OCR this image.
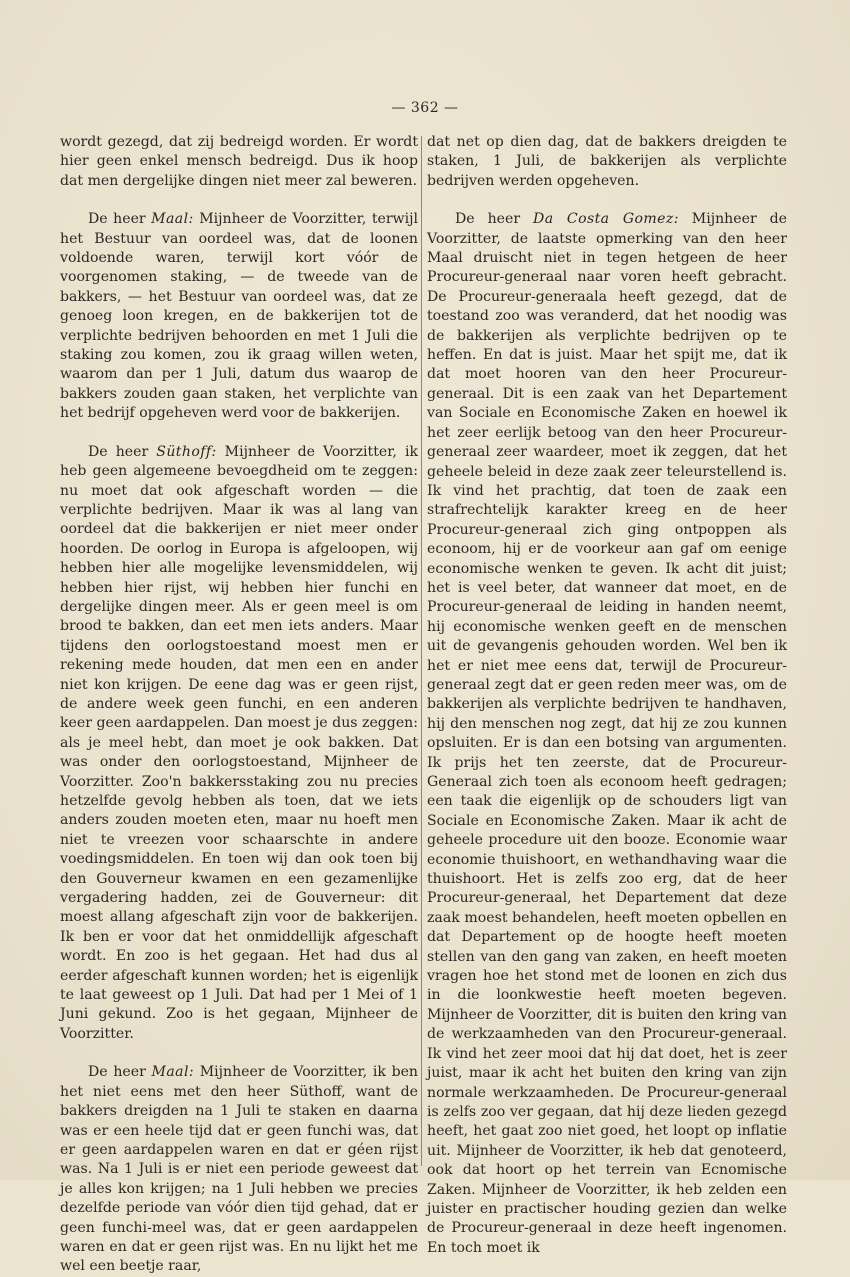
— 362 —

wordt gezegd, dat zij bedreigd worden. Er wordt hier geen enkel mensch bedreigd. Dus ik hoop dat men dergelijke dingen niet meer zal beweren.

De heer Maal: Mijnheer de Voorzitter, terwijl het Bestuur van oordeel was, dat de loonen voldoende waren, terwijl kort vóór de voorgenomen staking, — de tweede van de bakkers, — het Bestuur van oordeel was, dat ze genoeg loon kregen, en de bakkerijen tot de verplichte bedrijven behoorden en met 1 Juli die staking zou komen, zou ik graag willen weten, waarom dan per 1 Juli, datum dus waarop de bakkers zouden gaan staken, het verplichte van het bedrijf opgeheven werd voor de bakkerijen.

De heer Süthoff: Mijnheer de Voorzitter, ik heb geen algemeene bevoegdheid om te zeggen: nu moet dat ook afgeschaft worden — die verplichte bedrijven. Maar ik was al lang van oordeel dat die bakkerijen er niet meer onder hoorden. De oorlog in Europa is afgeloopen, wij hebben hier alle mogelijke levensmiddelen, wij hebben hier rijst, wij hebben hier funchi en dergelijke dingen meer. Als er geen meel is om brood te bakken, dan eet men iets anders. Maar tijdens den oorlogstoestand moest men er rekening mede houden, dat men een en ander niet kon krijgen. De eene dag was er geen rijst, de andere week geen funchi, en een anderen keer geen aardappelen. Dan moest je dus zeggen: als je meel hebt, dan moet je ook bakken. Dat was onder den oorlogstoestand, Mijnheer de Voorzitter. Zoo'n bakkersstaking zou nu precies hetzelfde gevolg hebben als toen, dat we iets anders zouden moeten eten, maar nu hoeft men niet te vreezen voor schaarschte in andere voedingsmiddelen. En toen wij dan ook toen bij den Gouverneur kwamen en een gezamenlijke vergadering hadden, zei de Gouverneur: dit moest allang afgeschaft zijn voor de bakkerijen. Ik ben er voor dat het onmiddellijk afgeschaft wordt. En zoo is het gegaan. Het had dus al eerder afgeschaft kunnen worden; het is eigenlijk te laat geweest op 1 Juli. Dat had per 1 Mei of 1 Juni gekund. Zoo is het gegaan, Mijnheer de Voorzitter.

De heer Maal: Mijnheer de Voorzitter, ik ben het niet eens met den heer Süthoff, want de bakkers dreigden na 1 Juli te staken en daarna was er een heele tijd dat er geen funchi was, dat er geen aardappelen waren en dat er géen rijst was. Na 1 Juli is er niet een periode geweest dat je alles kon krijgen; na 1 Juli hebben we precies dezelfde periode van vóór dien tijd gehad, dat er geen funchi-meel was, dat er geen aardappelen waren en dat er geen rijst was. En nu lijkt het me wel een beetje raar,

dat net op dien dag, dat de bakkers dreigden te staken, 1 Juli, de bakkerijen als verplichte bedrijven werden opgeheven.

De heer Da Costa Gomez: Mijnheer de Voorzitter, de laatste opmerking van den heer Maal druischt niet in tegen hetgeen de heer Procureur-generaal naar voren heeft gebracht. De Procureur-generaala heeft gezegd, dat de toestand zoo was veranderd, dat het noodig was de bakkerijen als verplichte bedrijven op te heffen. En dat is juist. Maar het spijt me, dat ik dat moet hooren van den heer Procureur-generaal. Dit is een zaak van het Departement van Sociale en Economische Zaken en hoewel ik het zeer eerlijk betoog van den heer Procureur-generaal zeer waardeer, moet ik zeggen, dat het geheele beleid in deze zaak zeer teleurstellend is. Ik vind het prachtig, dat toen de zaak een strafrechtelijk karakter kreeg en de heer Procureur-generaal zich ging ontpoppen als econoom, hij er de voorkeur aan gaf om eenige economische wenken te geven. Ik acht dit juist; het is veel beter, dat wanneer dat moet, en de Procureur-generaal de leiding in handen neemt, hij economische wenken geeft en de menschen uit de gevangenis gehouden worden. Wel ben ik het er niet mee eens dat, terwijl de Procureur-generaal zegt dat er geen reden meer was, om de bakkerijen als verplichte bedrijven te handhaven, hij den menschen nog zegt, dat hij ze zou kunnen opsluiten. Er is dan een botsing van argumenten. Ik prijs het ten zeerste, dat de Procureur-Generaal zich toen als econoom heeft gedragen; een taak die eigenlijk op de schouders ligt van Sociale en Economische Zaken. Maar ik acht de geheele procedure uit den booze. Economie waar economie thuishoort, en wethandhaving waar die thuishoort. Het is zelfs zoo erg, dat de heer Procureur-generaal, het Departement dat deze zaak moest behandelen, heeft moeten opbellen en dat Departement op de hoogte heeft moeten stellen van den gang van zaken, en heeft moeten vragen hoe het stond met de loonen en zich dus in die loonkwestie heeft moeten begeven. Mijnheer de Voorzitter, dit is buiten den kring van de werkzaamheden van den Procureur-generaal. Ik vind het zeer mooi dat hij dat doet, het is zeer juist, maar ik acht het buiten den kring van zijn normale werkzaamheden. De Procureur-generaal is zelfs zoo ver gegaan, dat hij deze lieden gezegd heeft, het gaat zoo niet goed, het loopt op inflatie uit. Mijnheer de Voorzitter, ik heb dat genoteerd, ook dat hoort op het terrein van Ecnomische Zaken. Mijnheer de Voorzitter, ik heb zelden een juister en practischer houding gezien dan welke de Procureur-generaal in deze heeft ingenomen. En toch moet ik
